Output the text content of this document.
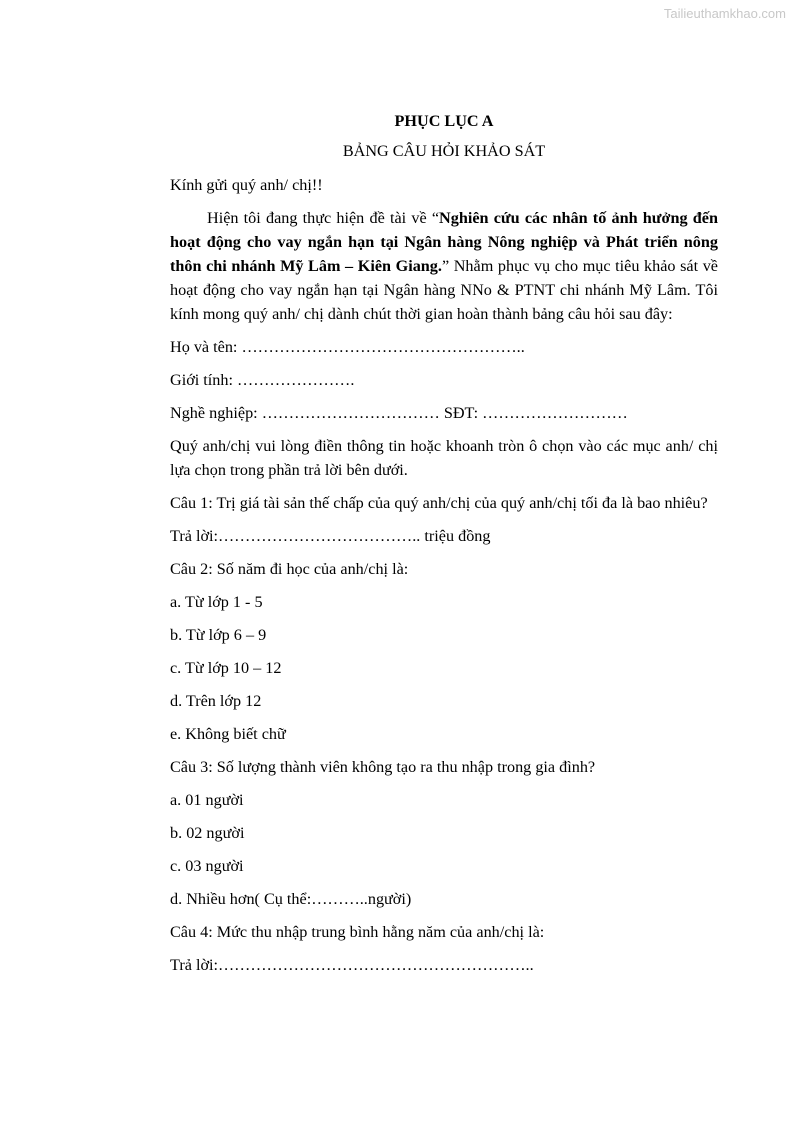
Tailieuthamkhao.com

PHỤC LỤC A

BẢNG CÂU HỎI KHẢO SÁT

Kính gửi quý anh/ chị!!

Hiện tôi đang thực hiện đề tài về “Nghiên cứu các nhân tố ảnh hưởng đến hoạt động cho vay ngắn hạn tại Ngân hàng Nông nghiệp và Phát triển nông thôn chi nhánh Mỹ Lâm – Kiên Giang.” Nhằm phục vụ cho mục tiêu khảo sát về hoạt động cho vay ngắn hạn tại Ngân hàng NNo & PTNT chi nhánh Mỹ Lâm. Tôi kính mong quý anh/ chị dành chút thời gian hoàn thành bảng câu hỏi sau đây:

Họ và tên: ……………………………………………..

Giới tính: ………………….

Nghề nghiệp: …………………………… SĐT: ………………………

Quý anh/chị vui lòng điền thông tin hoặc khoanh tròn ô chọn vào các mục anh/ chị lựa chọn trong phần trả lời bên dưới.

Câu 1: Trị giá tài sản thế chấp của quý anh/chị của quý anh/chị tối đa là bao nhiêu?

Trả lời:……………………………….. triệu đồng

Câu 2: Số năm đi học của anh/chị là:

a. Từ lớp 1 - 5

b. Từ lớp 6 – 9

c. Từ lớp 10 – 12

d. Trên lớp 12

e. Không biết chữ

Câu 3: Số lượng thành viên không tạo ra thu nhập trong gia đình?

a. 01 người

b. 02 người

c. 03 người

d. Nhiều hơn( Cụ thể:………..người)

Câu 4: Mức thu nhập trung bình hằng năm của anh/chị là:

Trả lời:…………………………………………………..
